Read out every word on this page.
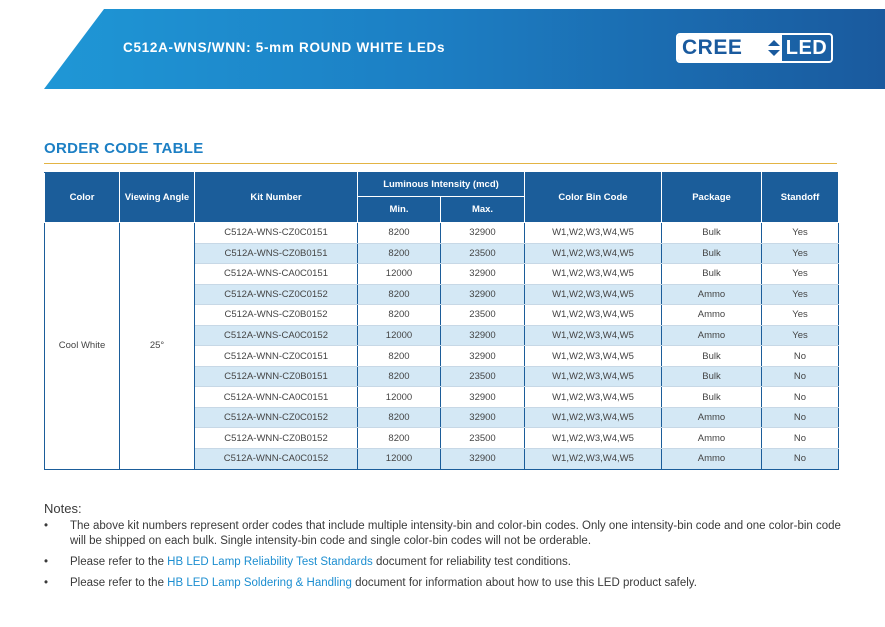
C512A-WNS/WNN: 5-mm ROUND WHITE LEDs	CREE	LED
ORDER CODE TABLE
Color	Viewing Angle	Kit Number	Luminous Intensity (mcd)		Color Bin Code	Package	Standoff
			Min.	Max.			
Cool White	25°	C512A-WNS-CZ0C0151	8200	32900	W1,W2,W3,W4,W5	Bulk	Yes
		C512A-WNS-CZ0B0151	8200	23500	W1,W2,W3,W4,W5	Bulk	Yes
		C512A-WNS-CA0C0151	12000	32900	W1,W2,W3,W4,W5	Bulk	Yes
		C512A-WNS-CZ0C0152	8200	32900	W1,W2,W3,W4,W5	Ammo	Yes
		C512A-WNS-CZ0B0152	8200	23500	W1,W2,W3,W4,W5	Ammo	Yes
		C512A-WNS-CA0C0152	12000	32900	W1,W2,W3,W4,W5	Ammo	Yes
		C512A-WNN-CZ0C0151	8200	32900	W1,W2,W3,W4,W5	Bulk	No
		C512A-WNN-CZ0B0151	8200	23500	W1,W2,W3,W4,W5	Bulk	No
		C512A-WNN-CA0C0151	12000	32900	W1,W2,W3,W4,W5	Bulk	No
		C512A-WNN-CZ0C0152	8200	32900	W1,W2,W3,W4,W5	Ammo	No
		C512A-WNN-CZ0B0152	8200	23500	W1,W2,W3,W4,W5	Ammo	No
		C512A-WNN-CA0C0152	12000	32900	W1,W2,W3,W4,W5	Ammo	No
Notes:
• The above kit numbers represent order codes that include multiple intensity-bin and color-bin codes. Only one intensity-bin code and one color-bin code will be shipped on each bulk. Single intensity-bin code and single color-bin codes will not be orderable.
• Please refer to the HB LED Lamp Reliability Test Standards document for reliability test conditions.
• Please refer to the HB LED Lamp Soldering & Handling document for information about how to use this LED product safely.
